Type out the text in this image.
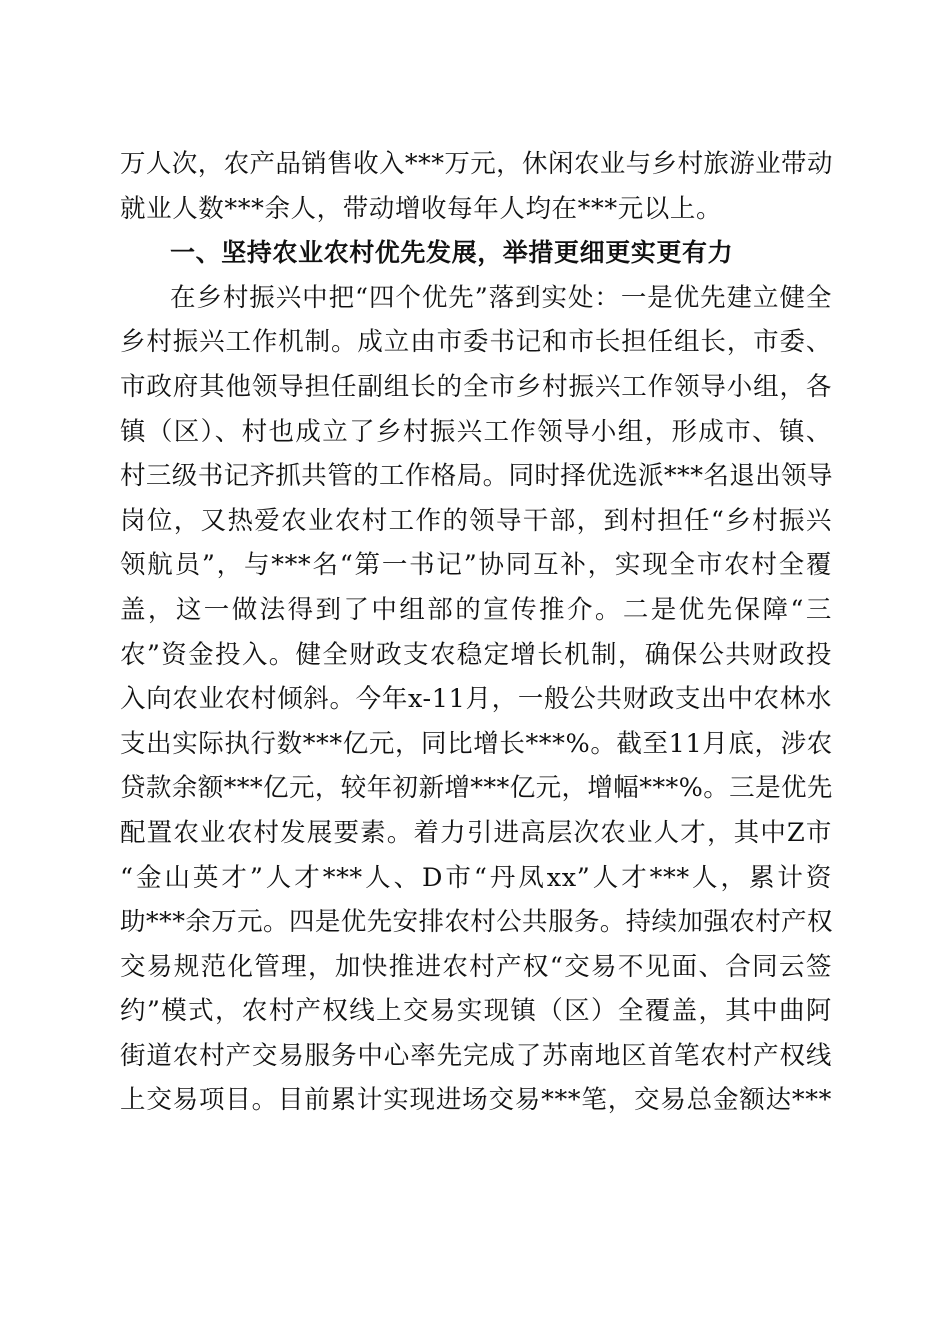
万人次，农产品销售收入***万元，休闲农业与乡村旅游业带动
就业人数***余人，带动增收每年人均在***元以上。
一、坚持农业农村优先发展，举措更细更实更有力
在乡村振兴中把“四个优先”落到实处：一是优先建立健全
乡村振兴工作机制。成立由市委书记和市长担任组长，市委、
市政府其他领导担任副组长的全市乡村振兴工作领导小组，各
镇（区）、村也成立了乡村振兴工作领导小组，形成市、镇、
村三级书记齐抓共管的工作格局。同时择优选派***名退出领导
岗位，又热爱农业农村工作的领导干部，到村担任“乡村振兴
领航员”，与***名“第一书记”协同互补，实现全市农村全覆
盖，这一做法得到了中组部的宣传推介。二是优先保障“三
农”资金投入。健全财政支农稳定增长机制，确保公共财政投
入向农业农村倾斜。今年x-11月，一般公共财政支出中农林水
支出实际执行数***亿元，同比增长***%。截至11月底，涉农
贷款余额***亿元，较年初新增***亿元，增幅***%。三是优先
配置农业农村发展要素。着力引进高层次农业人才，其中Z市
“金山英才”人才***人、D市“丹凤xx”人才***人，累计资
助***余万元。四是优先安排农村公共服务。持续加强农村产权
交易规范化管理，加快推进农村产权“交易不见面、合同云签
约”模式，农村产权线上交易实现镇（区）全覆盖，其中曲阿
街道农村产交易服务中心率先完成了苏南地区首笔农村产权线
上交易项目。目前累计实现进场交易***笔，交易总金额达***
